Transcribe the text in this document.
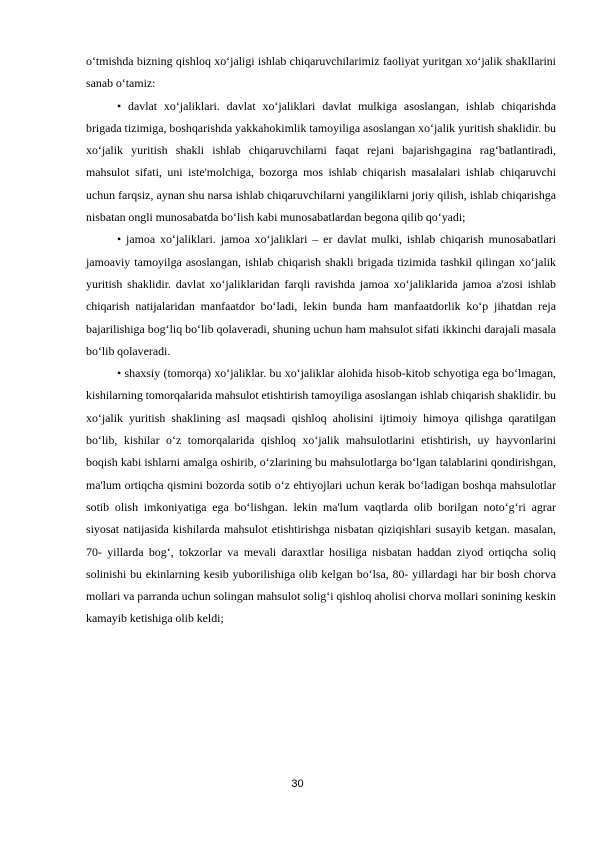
o‘tmishda bizning qishloq xo‘jaligi ishlab chiqaruvchilarimiz faoliyat yuritgan xo‘jalik shakllarini sanab o‘tamiz:

• davlat xo‘jaliklari. davlat xo‘jaliklari davlat mulkiga asoslangan, ishlab chiqarishda brigada tizimiga, boshqarishda yakkahokimlik tamoyiliga asoslangan xo‘jalik yuritish shaklidir. bu xo‘jalik yuritish shakli ishlab chiqaruvchilarni faqat rejani bajarishgagina rag‘batlantiradi, mahsulot sifati, uni iste'molchiga, bozorga mos ishlab chiqarish masalalari ishlab chiqaruvchi uchun farqsiz, aynan shu narsa ishlab chiqaruvchilarni yangiliklarni joriy qilish, ishlab chiqarishga nisbatan ongli munosabatda bo‘lish kabi munosabatlardan begona qilib qo‘yadi;

• jamoa xo‘jaliklari. jamoa xo‘jaliklari – er davlat mulki, ishlab chiqarish munosabatlari jamoaviy tamoyilga asoslangan, ishlab chiqarish shakli brigada tizimida tashkil qilingan xo‘jalik yuritish shaklidir. davlat xo‘jaliklaridan farqli ravishda jamoa xo‘jaliklarida jamoa a'zosi ishlab chiqarish natijalaridan manfaatdor bo‘ladi, lekin bunda ham manfaatdorlik ko‘p jihatdan reja bajarilishiga bog‘liq bo‘lib qolaveradi, shuning uchun ham mahsulot sifati ikkinchi darajali masala bo‘lib qolaveradi.

• shaxsiy (tomorqa) xo‘jaliklar. bu xo‘jaliklar alohida hisob-kitob schyotiga ega bo‘lmagan, kishilarning tomorqalarida mahsulot etishtirish tamoyiliga asoslangan ishlab chiqarish shaklidir. bu xo‘jalik yuritish shaklining asl maqsadi qishloq aholisini ijtimoiy himoya qilishga qaratilgan bo‘lib, kishilar o‘z tomorqalarida qishloq xo‘jalik mahsulotlarini etishtirish, uy hayvonlarini boqish kabi ishlarni amalga oshirib, o‘zlarining bu mahsulotlarga bo‘lgan talablarini qondirishgan, ma'lum ortiqcha qismini bozorda sotib o‘z ehtiyojlari uchun kerak bo‘ladigan boshqa mahsulotlar sotib olish imkoniyatiga ega bo‘lishgan. lekin ma'lum vaqtlarda olib borilgan noto‘g‘ri agrar siyosat natijasida kishilarda mahsulot etishtirishga nisbatan qiziqishlari susayib ketgan. masalan, 70- yillarda bog‘, tokzorlar va mevali daraxtlar hosiliga nisbatan haddan ziyod ortiqcha soliq solinishi bu ekinlarning kesib yuborilishiga olib kelgan bo‘lsa, 80- yillardagi har bir bosh chorva mollari va parranda uchun solingan mahsulot solig‘i qishloq aholisi chorva mollari sonining keskin kamayib ketishiga olib keldi;

30
